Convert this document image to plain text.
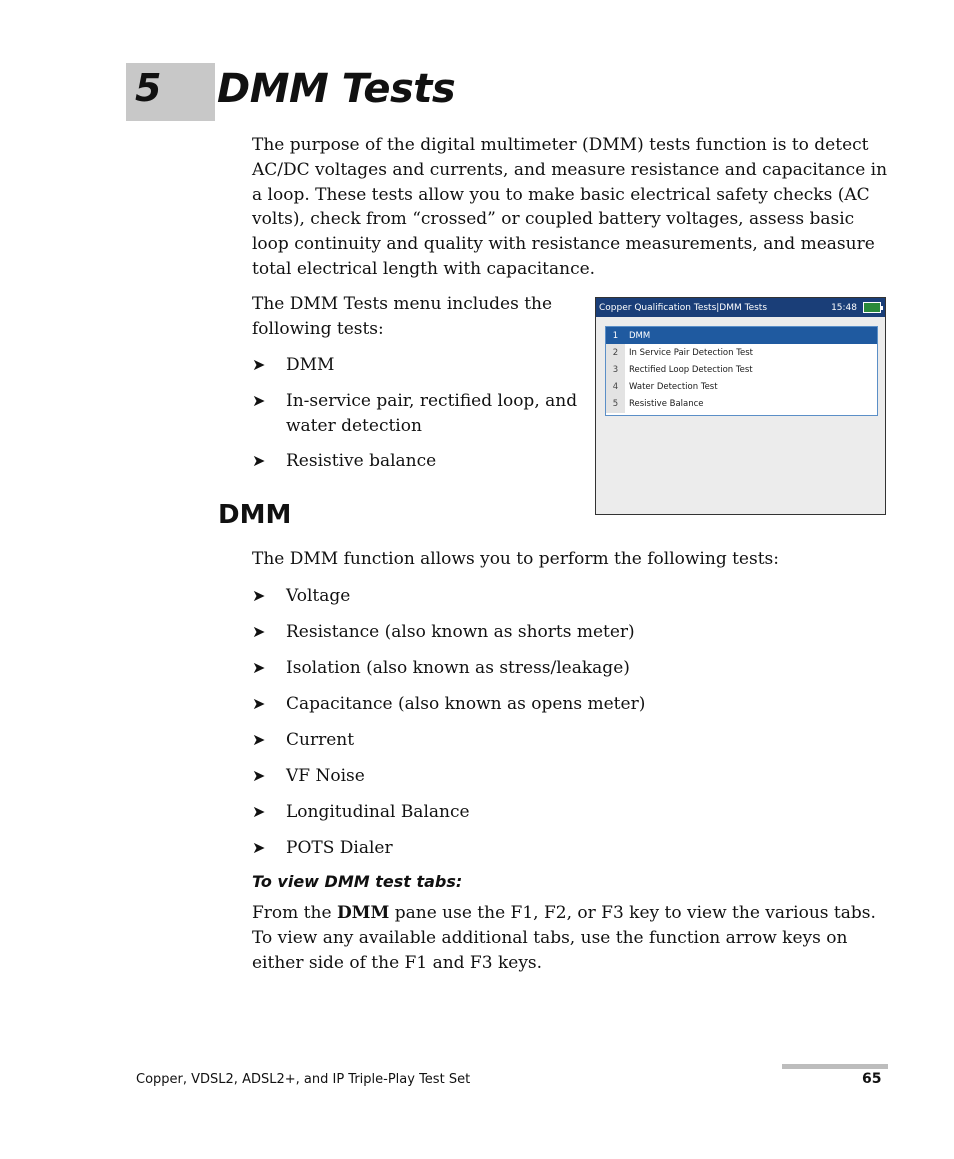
5 DMM Tests

The purpose of the digital multimeter (DMM) tests function is to detect AC/DC voltages and currents, and measure resistance and capacitance in a loop. These tests allow you to make basic electrical safety checks (AC volts), check from “crossed” or coupled battery voltages, assess basic loop continuity and quality with resistance measurements, and measure total electrical length with capacitance.

The DMM Tests menu includes the following tests:

➤ DMM
➤ In-service pair, rectified loop, and water detection
➤ Resistive balance
Copper Qualification Tests|DMM Tests	15:48
1	DMM
2	In Service Pair Detection Test
3	Rectified Loop Detection Test
4	Water Detection Test
5	Resistive Balance
DMM

The DMM function allows you to perform the following tests:

➤ Voltage
➤ Resistance (also known as shorts meter)
➤ Isolation (also known as stress/leakage)
➤ Capacitance (also known as opens meter)
➤ Current
➤ VF Noise
➤ Longitudinal Balance
➤ POTS Dialer
To view DMM test tabs:

From the DMM pane use the F1, F2, or F3 key to view the various tabs. To view any available additional tabs, use the function arrow keys on either side of the F1 and F3 keys.

Copper, VDSL2, ADSL2+, and IP Triple-Play Test Set	65
